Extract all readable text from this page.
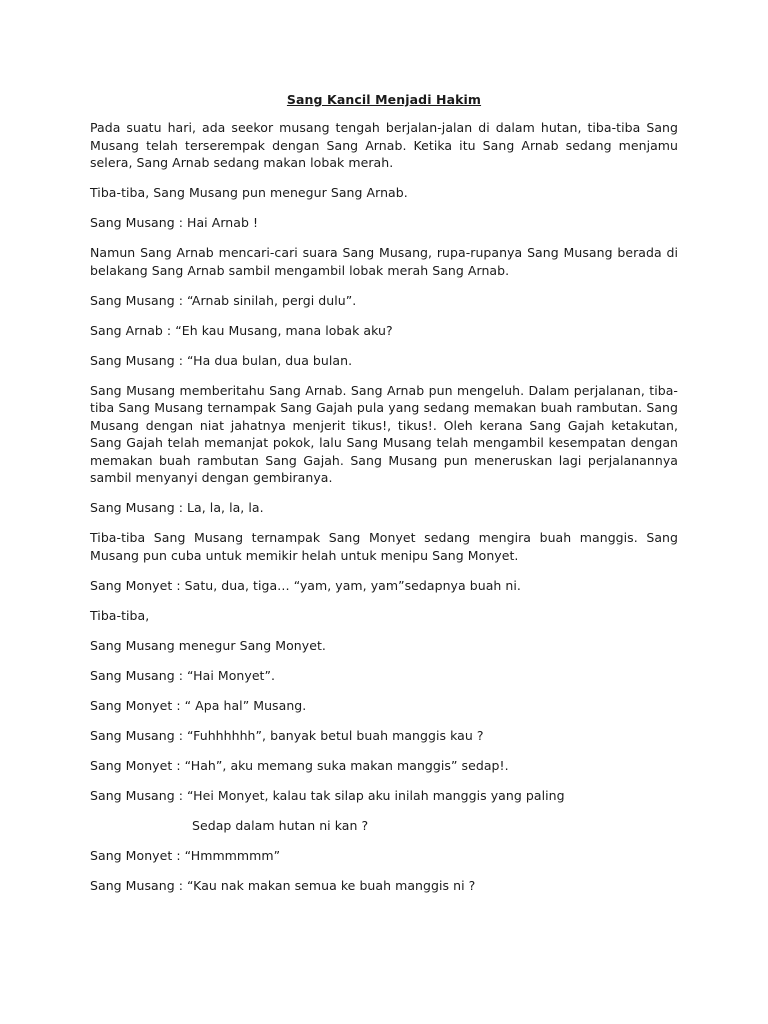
Sang Kancil Menjadi Hakim

Pada suatu hari, ada seekor musang tengah berjalan-jalan di dalam hutan, tiba-tiba Sang Musang telah terserempak dengan Sang Arnab. Ketika itu Sang Arnab sedang menjamu selera, Sang Arnab sedang makan lobak merah.

Tiba-tiba, Sang Musang pun menegur Sang Arnab.

Sang Musang : Hai Arnab !

Namun Sang Arnab mencari-cari suara Sang Musang, rupa-rupanya Sang Musang berada di belakang Sang Arnab sambil mengambil lobak merah Sang Arnab.

Sang Musang : “Arnab sinilah, pergi dulu”.

Sang Arnab : “Eh kau Musang, mana lobak aku?

Sang Musang : “Ha dua bulan, dua bulan.

Sang Musang memberitahu Sang Arnab. Sang Arnab pun mengeluh. Dalam perjalanan, tiba-tiba Sang Musang ternampak Sang Gajah pula yang sedang memakan buah rambutan. Sang Musang dengan niat jahatnya menjerit tikus!, tikus!. Oleh kerana Sang Gajah ketakutan, Sang Gajah telah memanjat pokok, lalu Sang Musang telah mengambil kesempatan dengan memakan buah rambutan Sang Gajah. Sang Musang pun meneruskan lagi perjalanannya sambil menyanyi dengan gembiranya.

Sang Musang : La, la, la, la.

Tiba-tiba Sang Musang ternampak Sang Monyet sedang mengira buah manggis. Sang Musang pun cuba untuk memikir helah untuk menipu Sang Monyet.

Sang Monyet : Satu, dua, tiga… “yam, yam, yam”sedapnya buah ni.

Tiba-tiba,

Sang Musang menegur Sang Monyet.

Sang Musang : “Hai Monyet”.

Sang Monyet : “ Apa hal” Musang.

Sang Musang : “Fuhhhhhh”, banyak betul buah manggis kau ?

Sang Monyet : “Hah”, aku memang suka makan manggis” sedap!.

Sang Musang : “Hei Monyet, kalau tak silap aku inilah manggis yang paling

Sedap dalam hutan ni kan ?

Sang Monyet : “Hmmmmmm”

Sang Musang : “Kau nak makan semua ke buah manggis ni ?
